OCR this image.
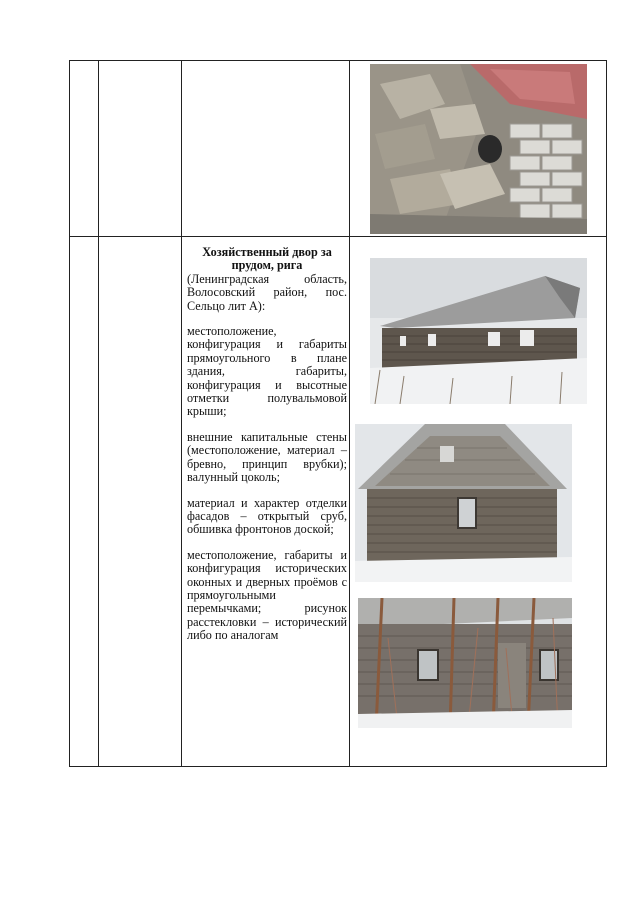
Хозяйственный двор за прудом, рига
(Ленинградская область, Волосовский район, пос. Сельцо лит А):
местоположение, конфигурация и габариты прямоугольного в плане здания, габариты, конфигурация и высотные отметки полувальмовой крыши;
внешние капитальные стены (местоположение, материал – бревно, принцип врубки); валунный цоколь;
материал и характер отделки фасадов – открытый сруб, обшивка фронтонов доской;
местоположение, габариты и конфигурация исторических оконных и дверных проёмов с прямоугольными перемычками; рисунок расстекловки – исторический либо по аналогам
